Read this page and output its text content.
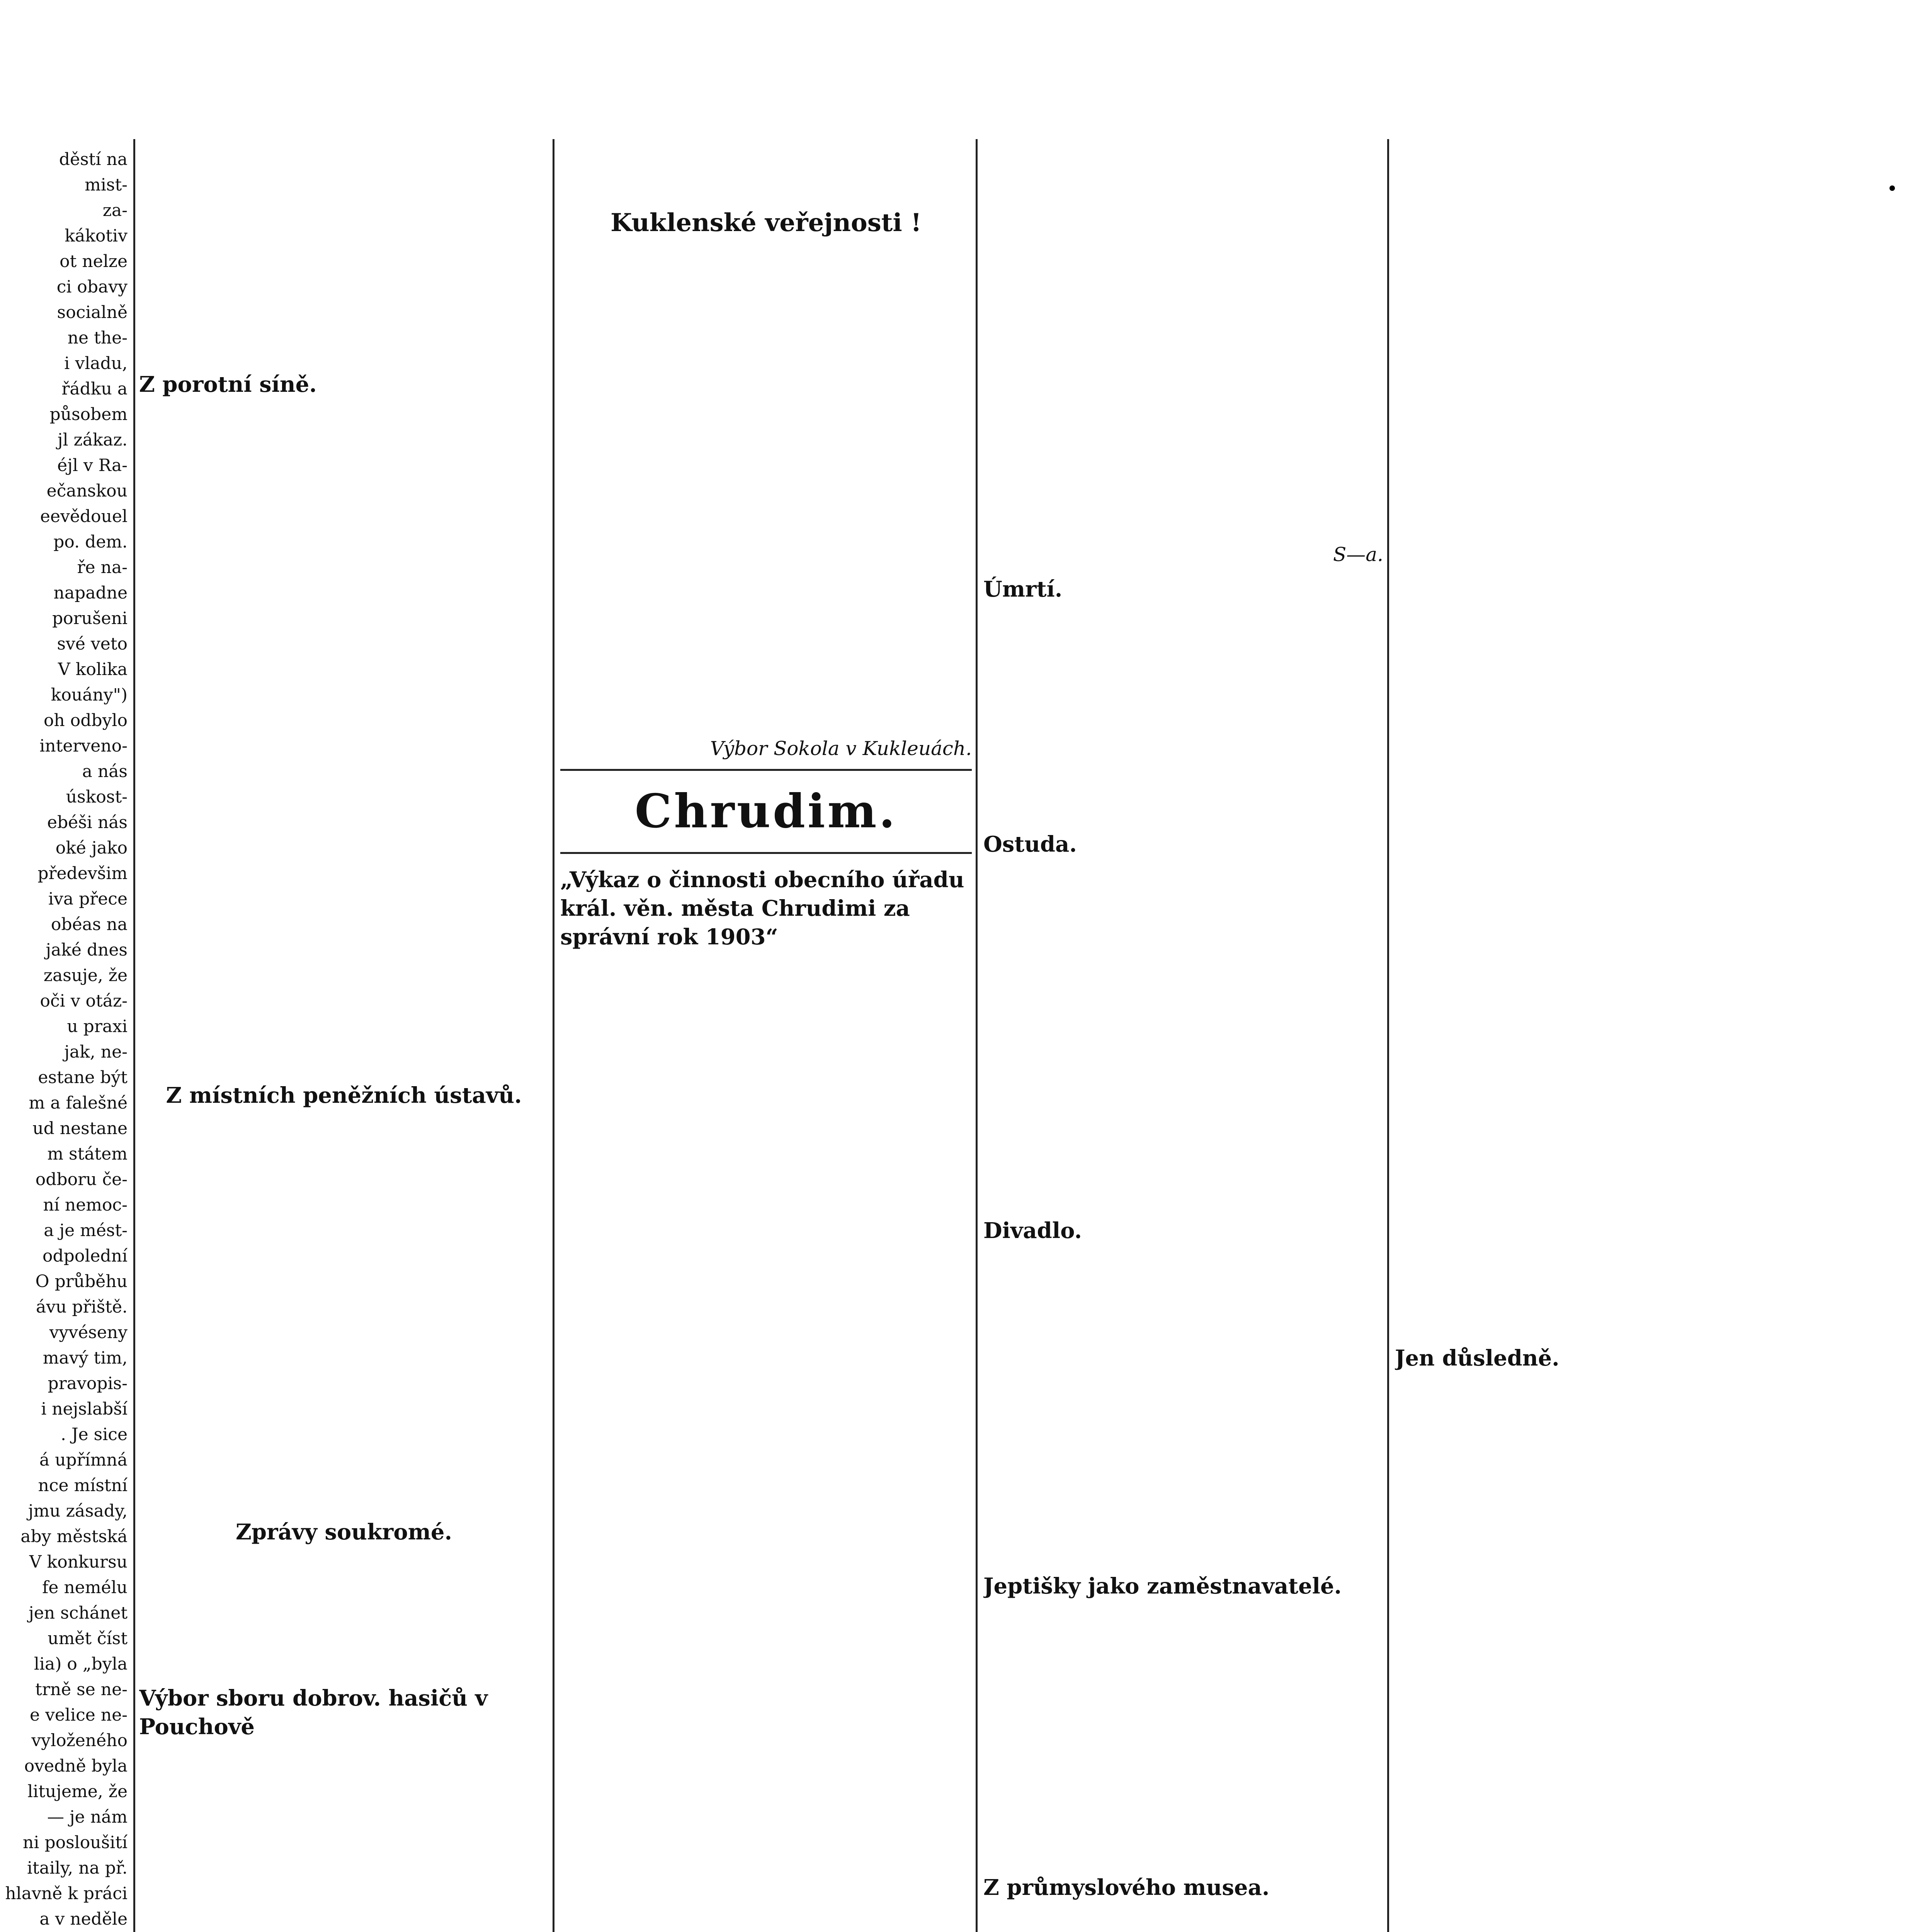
děstí na
mist-
za-
kákotiv
ot nelze
ci obavy
socialně
ne the-
i vladu,
řádku a
působem
jl zákaz.
éjl v Ra-
ečanskou
eevědouel
po. dem.
ře na-
napadne
porušeni
své veto
V kolika
kouány")
oh odbylo
interveno-
a nás
úskost-
ebéši nás
oké jako
předevšim
iva přece
obéas na
jaké dnes
zasuje, že
oči v otáz-
u praxi
jak, ne-
estane být
m a falešné
ud nestane
m státem
odboru če-
ní nemoc-
a je mést-
odpolední
O průběhu
ávu přiště.
vyvéseny
mavý tim,
pravopis-
i nejslabší
. Je sice
á upřímná
nce místní
jmu zásady,
aby městská
V konkursu
fe nemélu
jen schánet
umět číst
lia) o „byla
trně se ne-
e velice ne-
vyloženého
ovedně byla
litujeme, že
— je nám
ni posloušití
itaily, na př.
hlavně k práci
a v neděle
Z porotní síně.
Z místních peněžních ústavů.
Zprávy soukromé.
Výbor sboru dobrov. hasičů v Pouchově
Kuklenské veřejnosti !
Výbor Sokola v Kukleuách.
Chrudim.
„Výkaz o činnosti obecního úřadu král. věn. města Chrudimi za správní rok 1903“
S—a.
Úmrtí.
Ostuda.
Divadlo.
Jeptišky jako zaměstnavatelé.
Z průmyslového musea.
Jen důsledně.
